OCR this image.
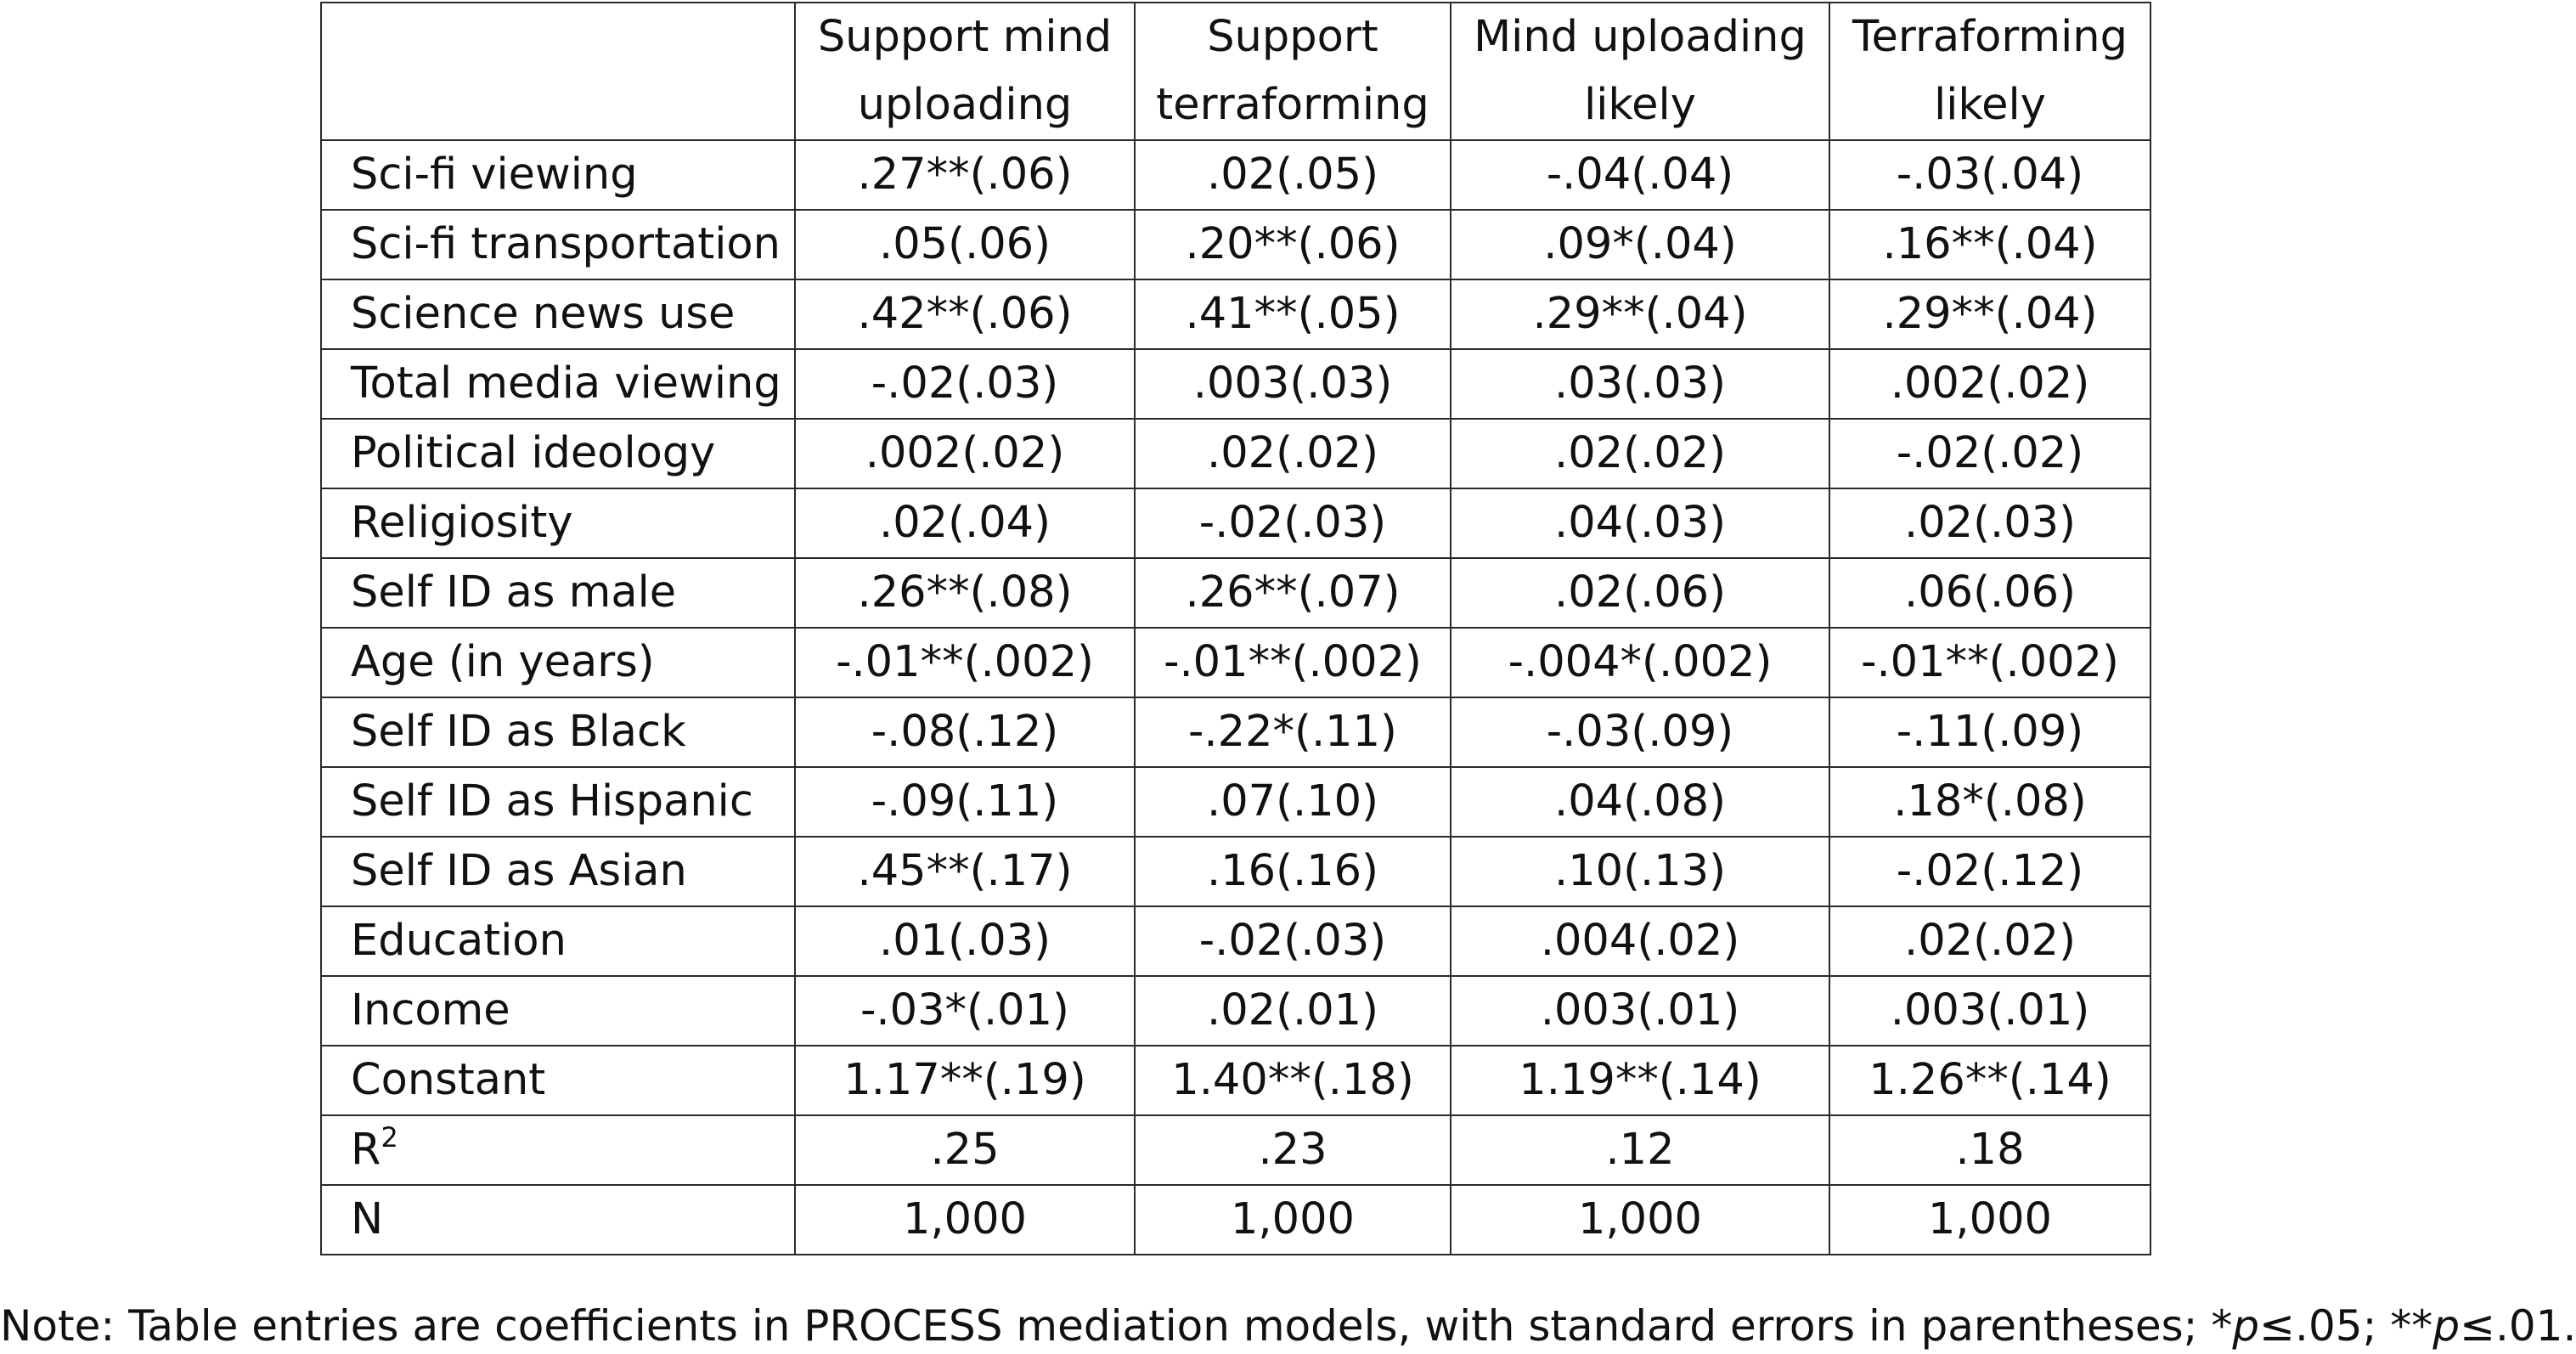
	Support mind uploading	Support terraforming	Mind uploading likely	Terraforming likely

Sci-fi viewing	.27**(.06)	.02(.05)	-.04(.04)	-.03(.04)
Sci-fi transportation	.05(.06)	.20**(.06)	.09*(.04)	.16**(.04)
Science news use	.42**(.06)	.41**(.05)	.29**(.04)	.29**(.04)
Total media viewing	-.02(.03)	.003(.03)	.03(.03)	.002(.02)
Political ideology	.002(.02)	.02(.02)	.02(.02)	-.02(.02)
Religiosity	.02(.04)	-.02(.03)	.04(.03)	.02(.03)
Self ID as male	.26**(.08)	.26**(.07)	.02(.06)	.06(.06)
Age (in years)	-.01**(.002)	-.01**(.002)	-.004*(.002)	-.01**(.002)
Self ID as Black	-.08(.12)	-.22*(.11)	-.03(.09)	-.11(.09)
Self ID as Hispanic	-.09(.11)	.07(.10)	.04(.08)	.18*(.08)
Self ID as Asian	.45**(.17)	.16(.16)	.10(.13)	-.02(.12)
Education	.01(.03)	-.02(.03)	.004(.02)	.02(.02)
Income	-.03*(.01)	.02(.01)	.003(.01)	.003(.01)
Constant	1.17**(.19)	1.40**(.18)	1.19**(.14)	1.26**(.14)
$R^2$	.25	.23	.12	.18
N	1,000	1,000	1,000	1,000
Note: Table entries are coefficients in PROCESS mediation models, with standard errors in parentheses; *p≤.05; **p≤.01.
